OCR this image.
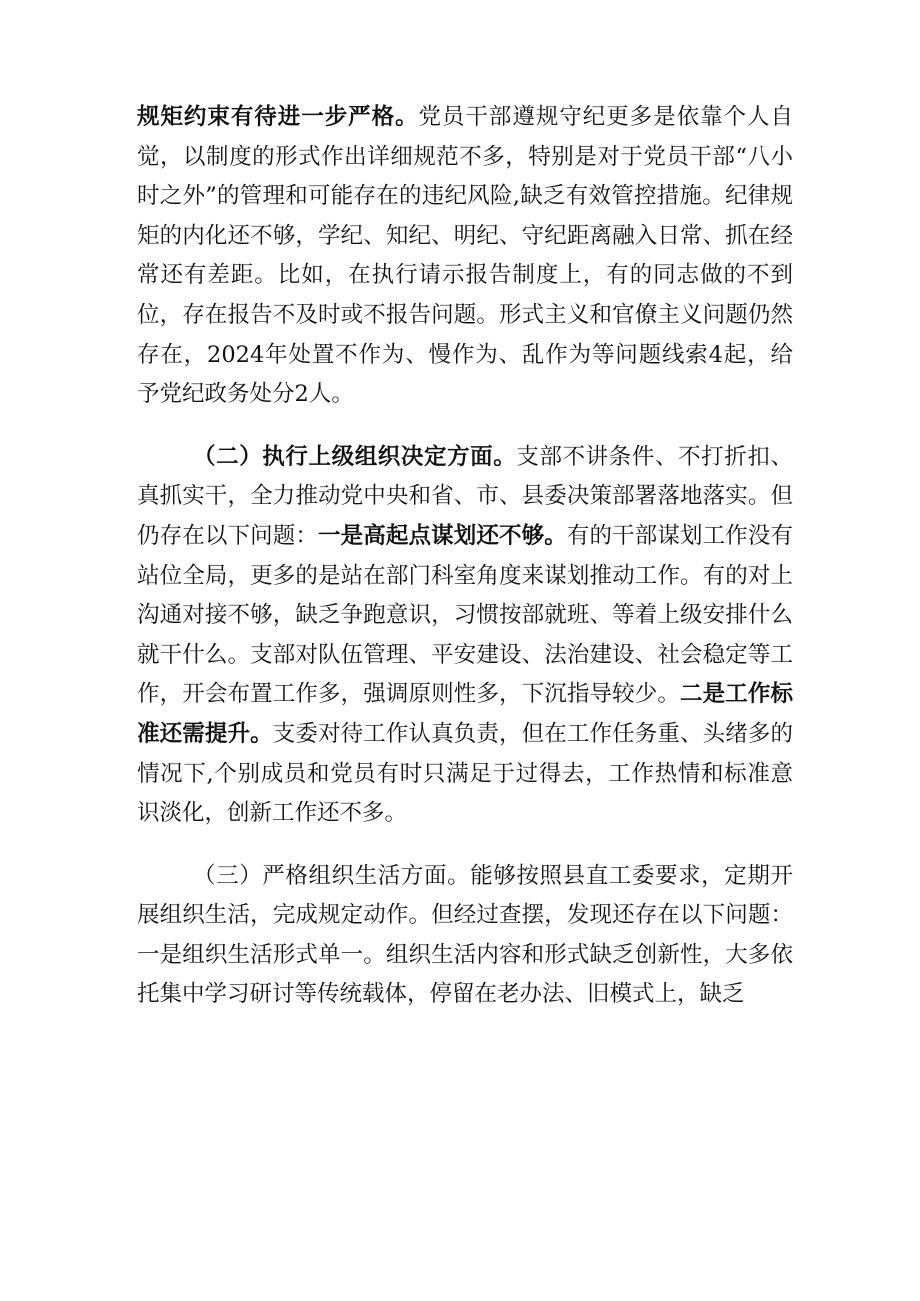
规矩约束有待进一步严格。党员干部遵规守纪更多是依靠个人自觉，以制度的形式作出详细规范不多，特别是对于党员干部“八小时之外”的管理和可能存在的违纪风险,缺乏有效管控措施。纪律规矩的内化还不够，学纪、知纪、明纪、守纪距离融入日常、抓在经常还有差距。比如，在执行请示报告制度上，有的同志做的不到位，存在报告不及时或不报告问题。形式主义和官僚主义问题仍然存在，2024年处置不作为、慢作为、乱作为等问题线索4起，给予党纪政务处分2人。

（二）执行上级组织决定方面。支部不讲条件、不打折扣、真抓实干，全力推动党中央和省、市、县委决策部署落地落实。但仍存在以下问题：一是高起点谋划还不够。有的干部谋划工作没有站位全局，更多的是站在部门科室角度来谋划推动工作。有的对上沟通对接不够，缺乏争跑意识，习惯按部就班、等着上级安排什么就干什么。支部对队伍管理、平安建设、法治建设、社会稳定等工作，开会布置工作多，强调原则性多，下沉指导较少。二是工作标准还需提升。支委对待工作认真负责，但在工作任务重、头绪多的情况下,个别成员和党员有时只满足于过得去，工作热情和标准意识淡化，创新工作还不多。

（三）严格组织生活方面。能够按照县直工委要求，定期开展组织生活，完成规定动作。但经过查摆，发现还存在以下问题：一是组织生活形式单一。组织生活内容和形式缺乏创新性，大多依托集中学习研讨等传统载体，停留在老办法、旧模式上，缺乏
